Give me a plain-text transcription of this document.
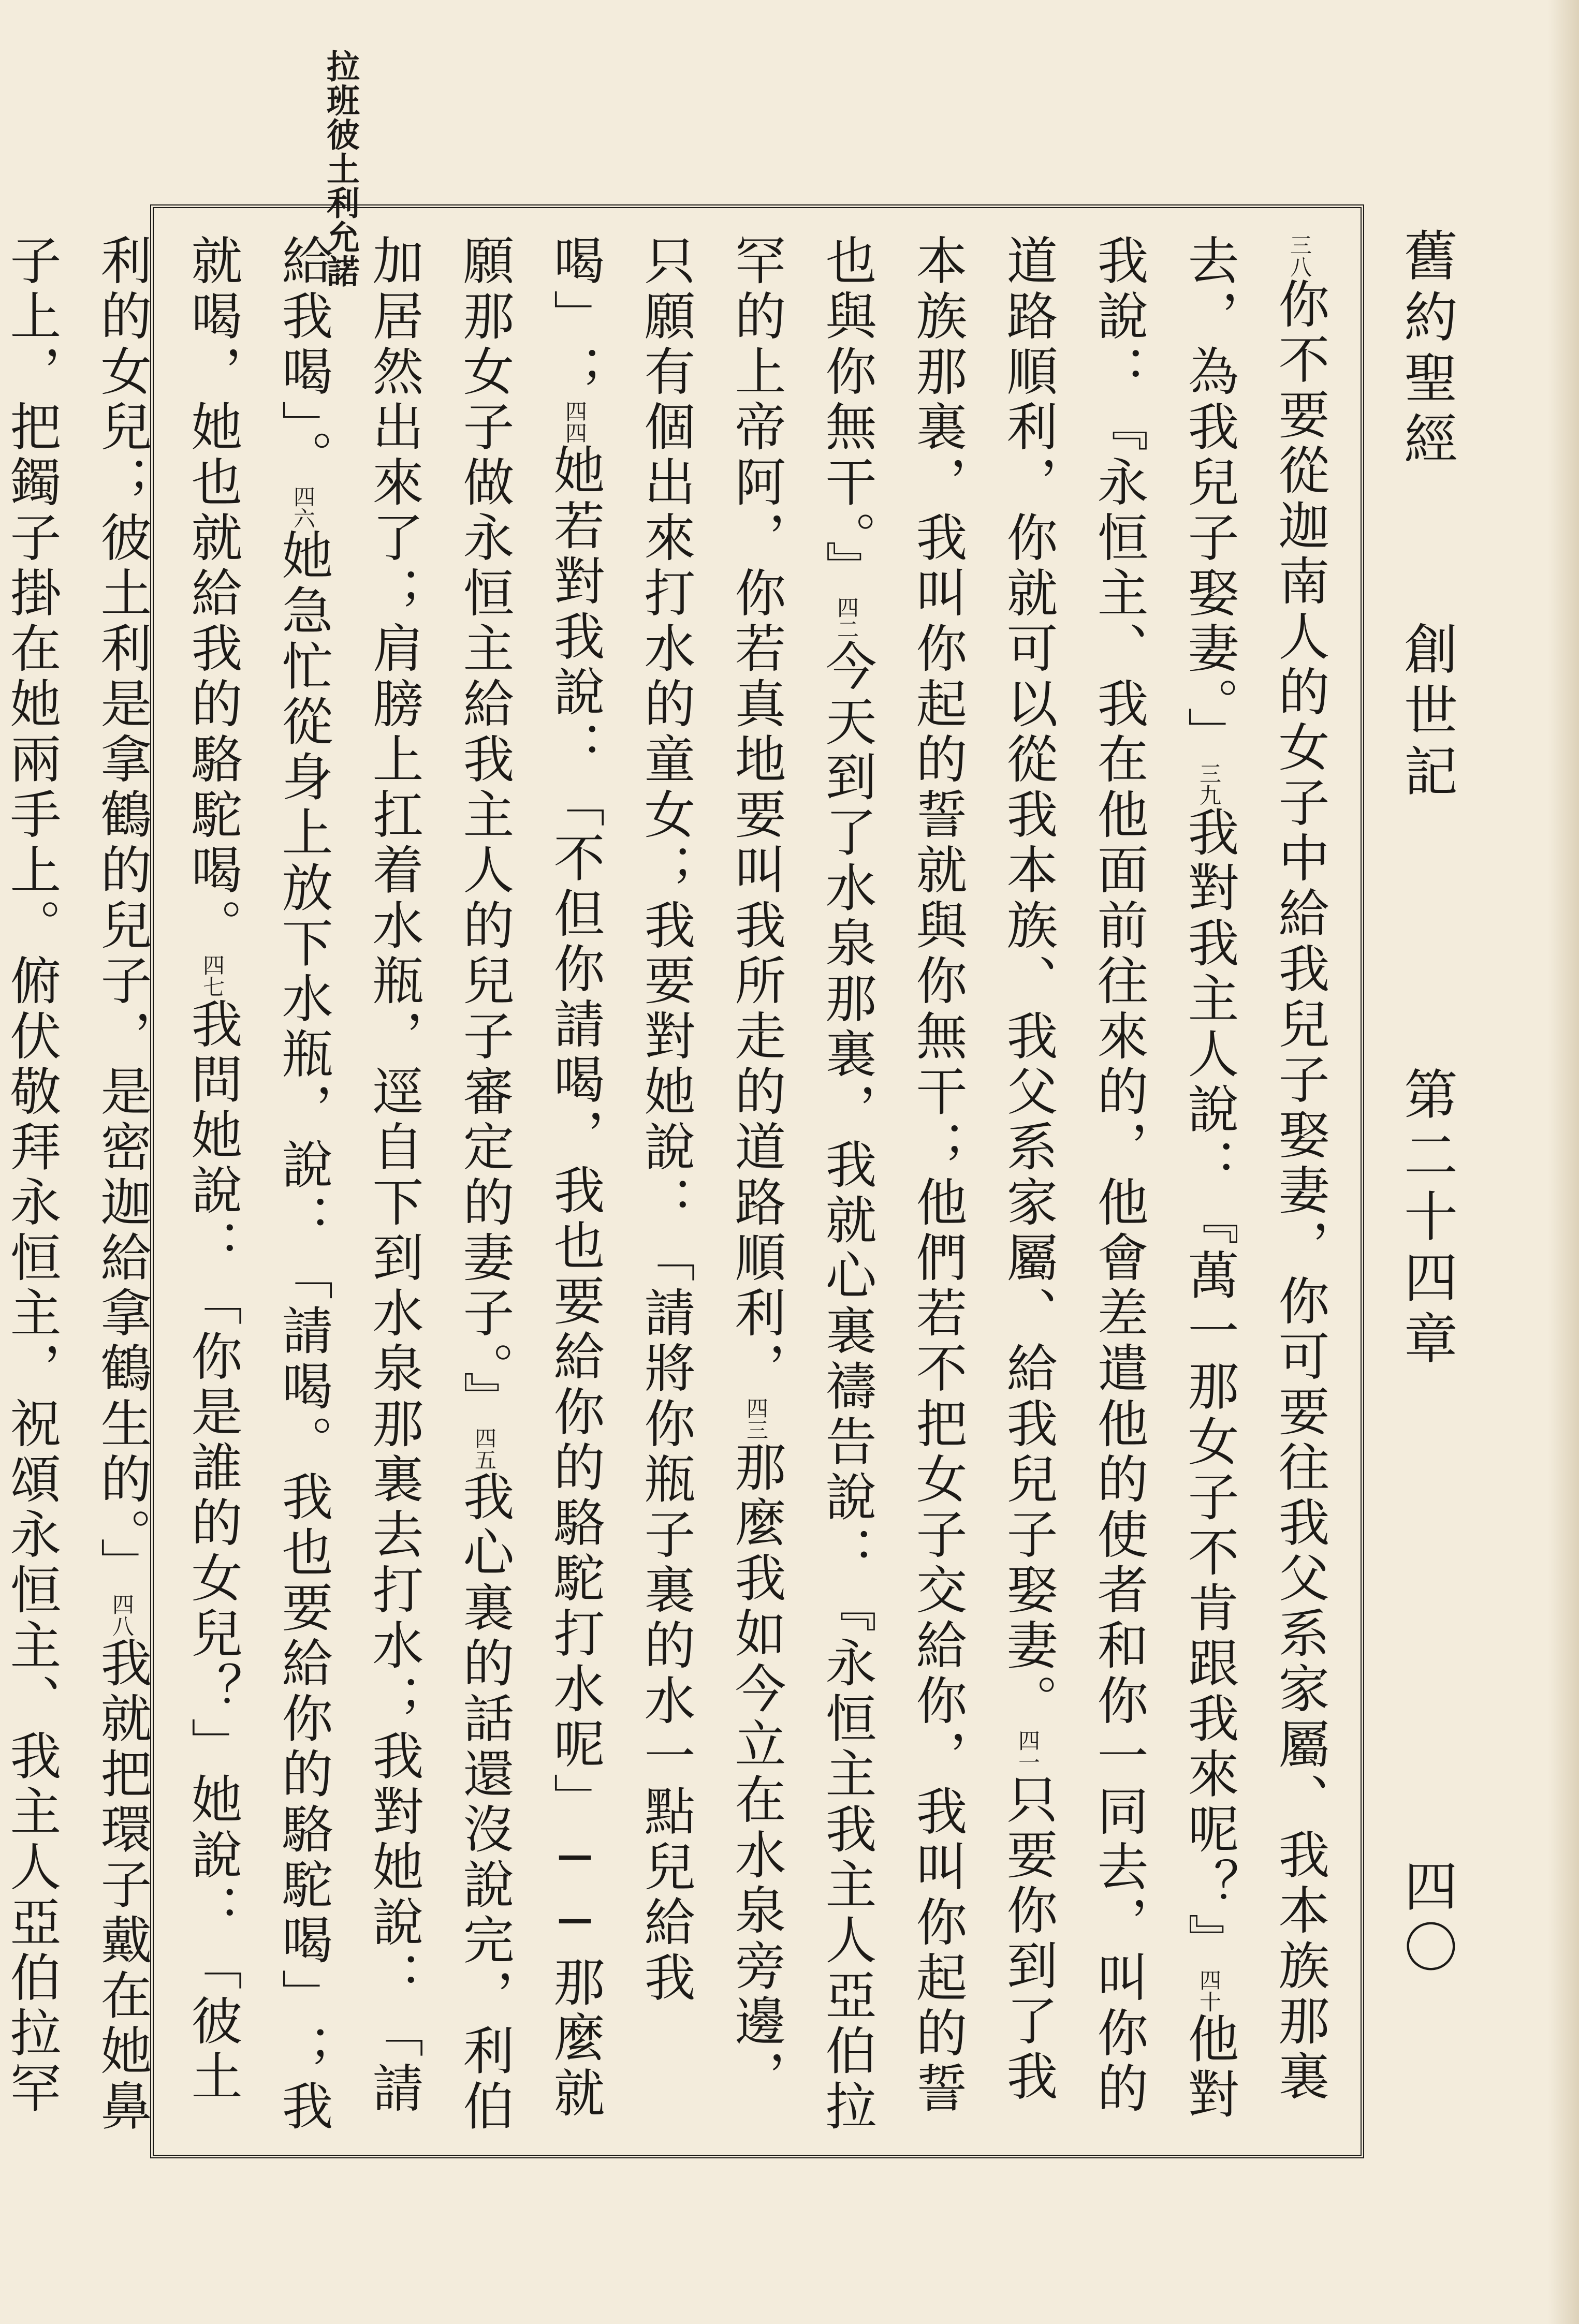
拉班彼土利允諾
舊約聖經
創世記
第二十四章
四〇

三八你不要從迦南人的女子中給我兒子娶妻，你可要往我父系家屬、我本族那裏去，為我兒子娶妻。」三九我對我主人說：『萬一那女子不肯跟我來呢？』四十他對我說：『永恒主、我在他面前往來的，他會差遣他的使者和你一同去，叫你的道路順利，你就可以從我本族、我父系家屬、給我兒子娶妻。四一只要你到了我本族那裏，我叫你起的誓就與你無干；他們若不把女子交給你，我叫你起的誓也與你無干。』四二今天到了水泉那裏，我就心裏禱告說：『永恒主我主人亞伯拉罕的上帝阿，你若真地要叫我所走的道路順利，四三那麼我如今立在水泉旁邊，只願有個出來打水的童女；我要對她說：「請將你瓶子裏的水一點兒給我喝」；四四她若對我說：「不但你請喝，我也要給你的駱駝打水呢」──那麼就願那女子做永恒主給我主人的兒子審定的妻子。』四五我心裏的話還沒說完，利伯加居然出來了；肩膀上扛着水瓶，逕自下到水泉那裏去打水；我對她說：「請給我喝」。四六她急忙從身上放下水瓶，說：「請喝。我也要給你的駱駝喝」；我就喝，她也就給我的駱駝喝。四七我問她說：「你是誰的女兒？」她說：「彼土利的女兒；彼土利是拿鶴的兒子，是密迦給拿鶴生的。」四八我就把環子戴在她鼻子上，把鐲子掛在她兩手上。俯伏敬拜永恒主，祝頌永恒主、我主人亞伯拉罕
